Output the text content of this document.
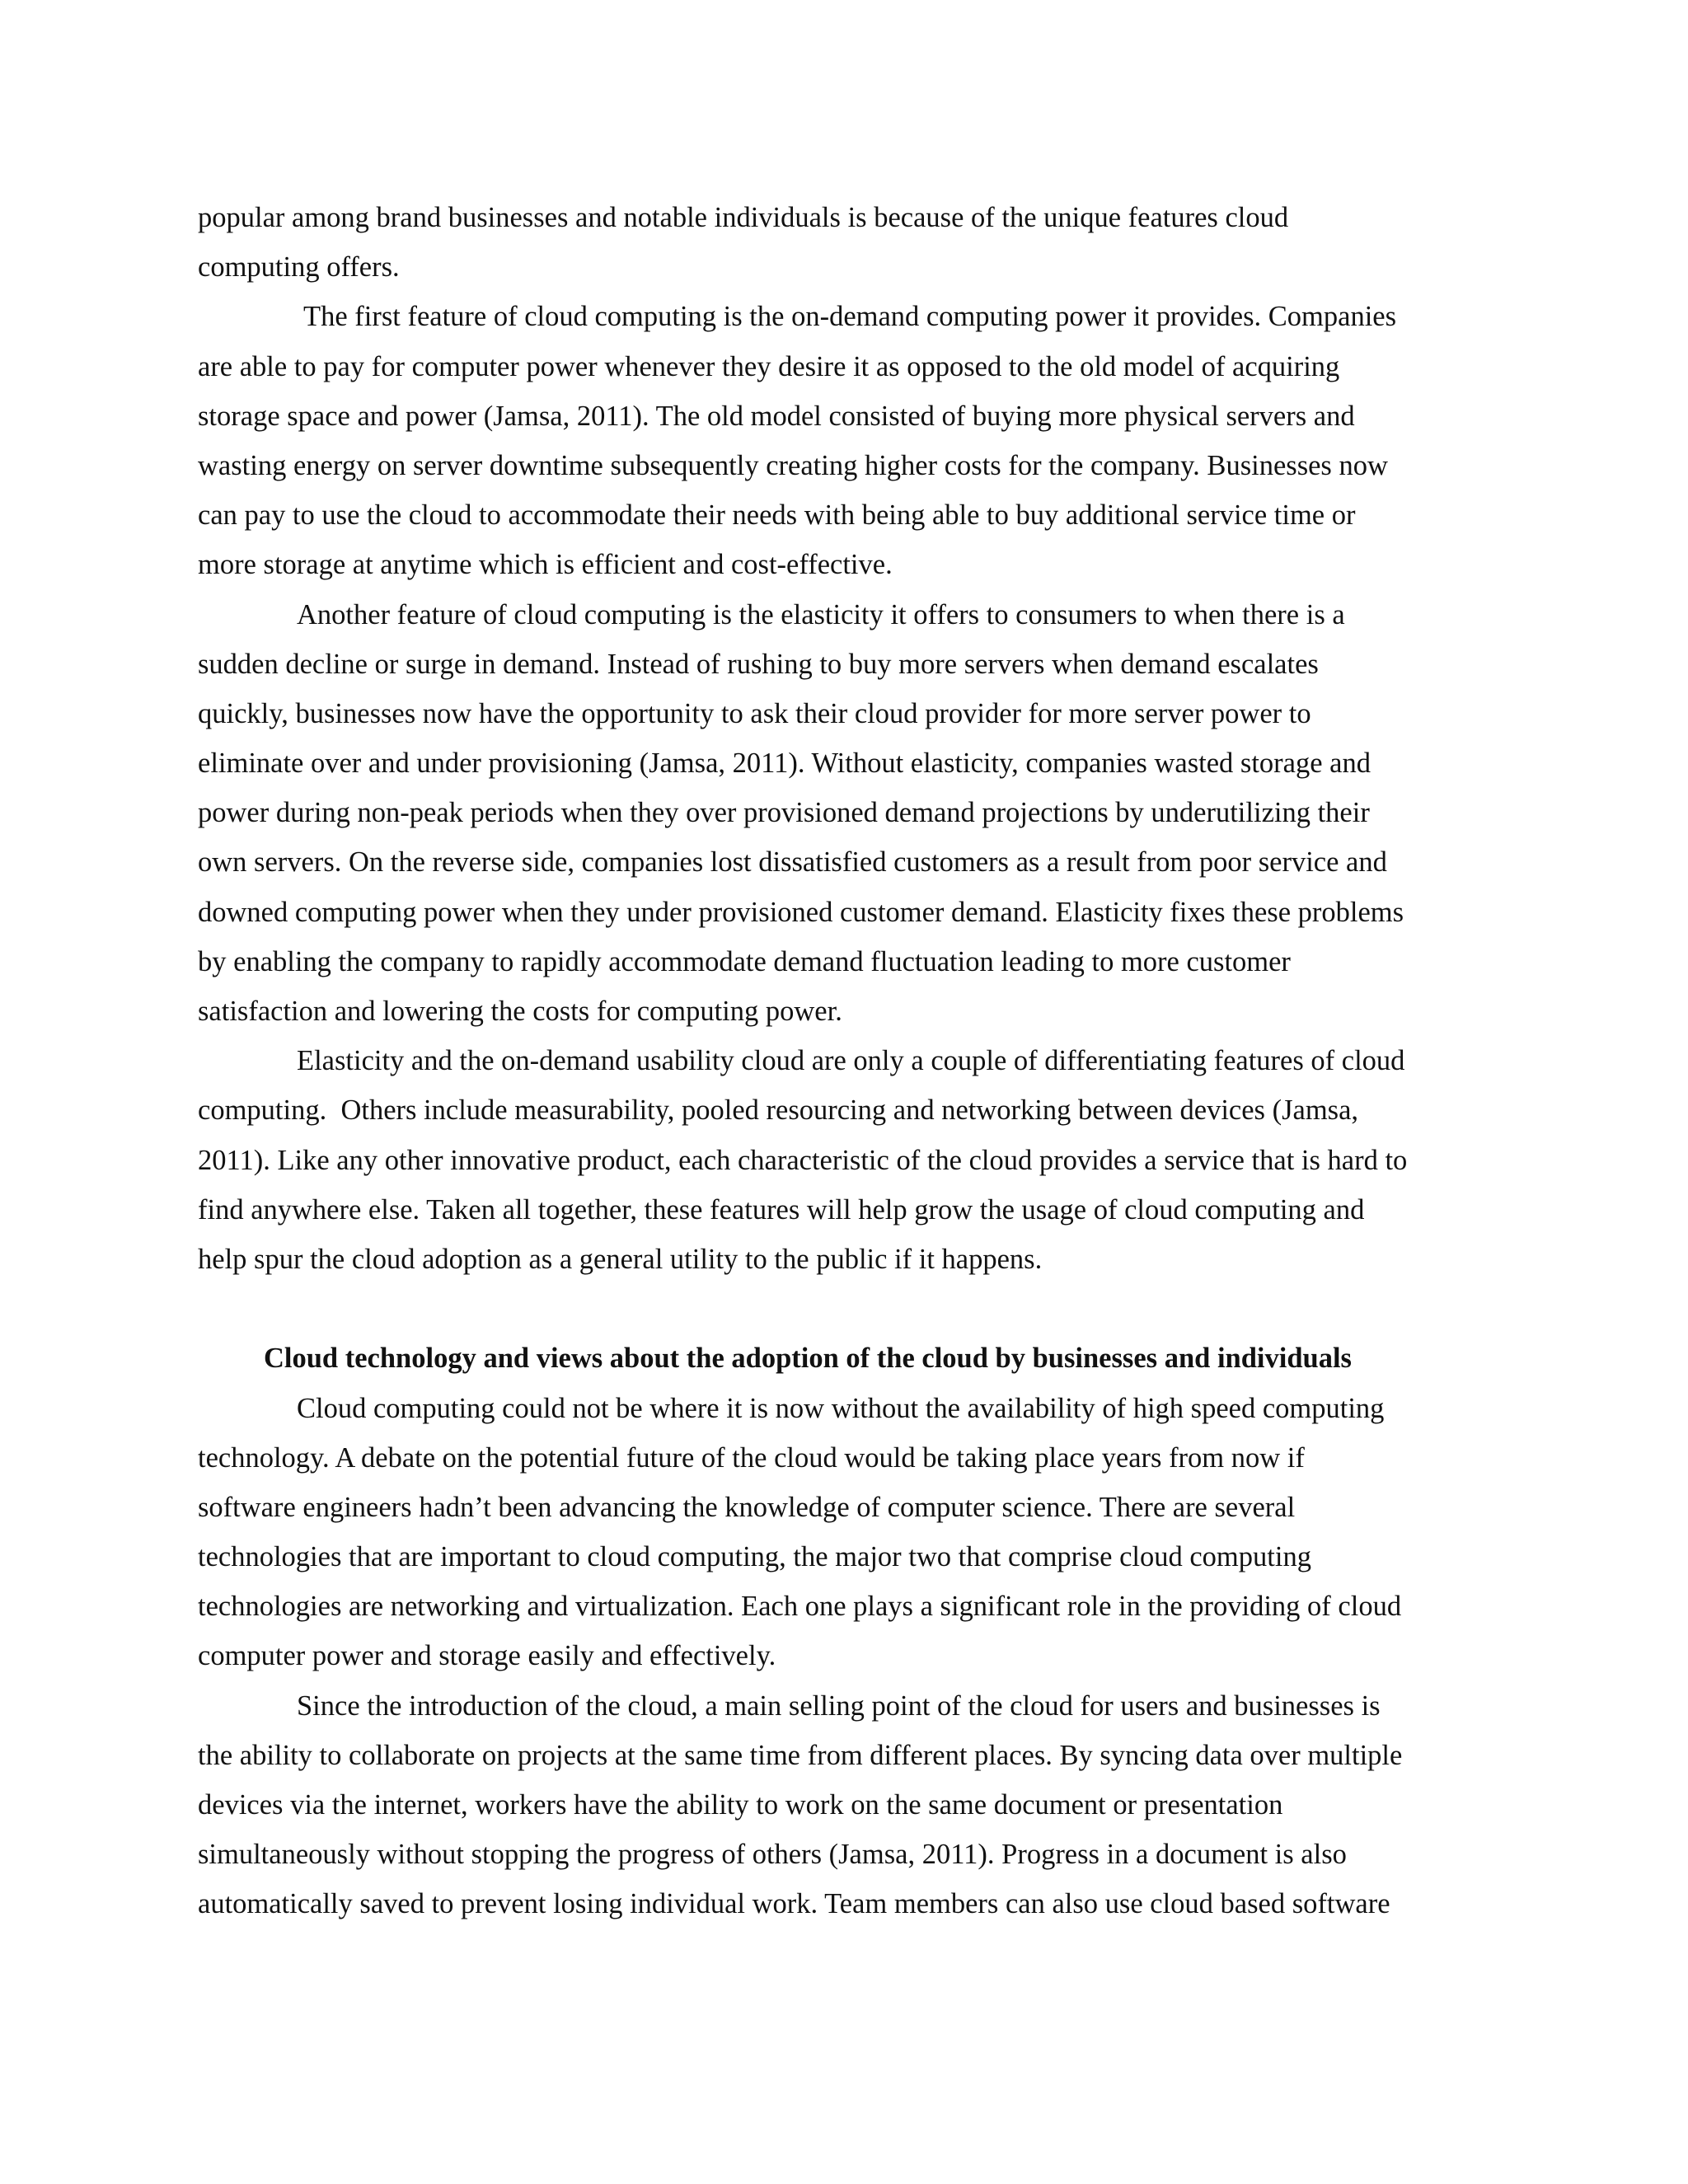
popular among brand businesses and notable individuals is because of the unique features cloud
computing offers.
The first feature of cloud computing is the on-demand computing power it provides. Companies
are able to pay for computer power whenever they desire it as opposed to the old model of acquiring
storage space and power (Jamsa, 2011). The old model consisted of buying more physical servers and
wasting energy on server downtime subsequently creating higher costs for the company. Businesses now
can pay to use the cloud to accommodate their needs with being able to buy additional service time or
more storage at anytime which is efficient and cost-effective.
Another feature of cloud computing is the elasticity it offers to consumers to when there is a
sudden decline or surge in demand. Instead of rushing to buy more servers when demand escalates
quickly, businesses now have the opportunity to ask their cloud provider for more server power to
eliminate over and under provisioning (Jamsa, 2011). Without elasticity, companies wasted storage and
power during non-peak periods when they over provisioned demand projections by underutilizing their
own servers. On the reverse side, companies lost dissatisfied customers as a result from poor service and
downed computing power when they under provisioned customer demand. Elasticity fixes these problems
by enabling the company to rapidly accommodate demand fluctuation leading to more customer
satisfaction and lowering the costs for computing power.
Elasticity and the on-demand usability cloud are only a couple of differentiating features of cloud
computing.  Others include measurability, pooled resourcing and networking between devices (Jamsa,
2011). Like any other innovative product, each characteristic of the cloud provides a service that is hard to
find anywhere else. Taken all together, these features will help grow the usage of cloud computing and
help spur the cloud adoption as a general utility to the public if it happens.
Cloud technology and views about the adoption of the cloud by businesses and individuals
Cloud computing could not be where it is now without the availability of high speed computing
technology. A debate on the potential future of the cloud would be taking place years from now if
software engineers hadn’t been advancing the knowledge of computer science. There are several
technologies that are important to cloud computing, the major two that comprise cloud computing
technologies are networking and virtualization. Each one plays a significant role in the providing of cloud
computer power and storage easily and effectively.
Since the introduction of the cloud, a main selling point of the cloud for users and businesses is
the ability to collaborate on projects at the same time from different places. By syncing data over multiple
devices via the internet, workers have the ability to work on the same document or presentation
simultaneously without stopping the progress of others (Jamsa, 2011). Progress in a document is also
automatically saved to prevent losing individual work. Team members can also use cloud based software
